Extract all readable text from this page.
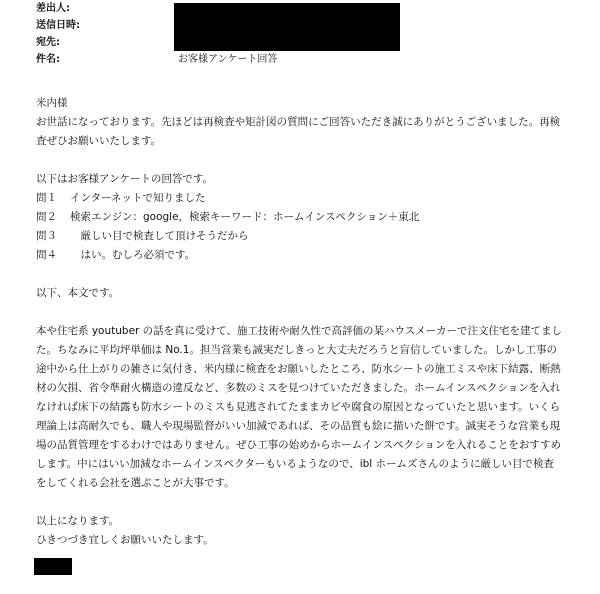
差出人:
送信日時:
宛先:
件名:	お客様アンケート回答
米内様
お世話になっております。先ほどは再検査や矩計図の質問にご回答いただき誠にありがとうございました。再検査ぜひお願いいたします。
以下はお客様アンケートの回答です。
問１	インターネットで知りました
問２	検索エンジン：google，検索キーワード：ホームインスペクション＋東北
問３	　厳しい目で検査して頂けそうだから
問４	　はい。むしろ必須です。
以下、本文です。
本や住宅系 youtuber の話を真に受けて、施工技術や耐久性で高評価の某ハウスメーカーで注文住宅を建てました。ちなみに平均坪単価は No.1。担当営業も誠実だしきっと大丈夫だろうと盲信していました。しかし工事の途中から仕上がりの雑さに気付き、米内様に検査をお願いしたところ、防水シートの施工ミスや床下結露、断熱材の欠損、省令準耐火構造の違反など、多数のミスを見つけていただきました。ホームインスペクションを入れなければ床下の結露も防水シートのミスも見逃されてたままカビや腐食の原因となっていたと思います。いくら理論上は高耐久でも、職人や現場監督がいい加減であれば、その品質も絵に描いた餅です。誠実そうな営業も現場の品質管理をするわけではありません。ぜひ工事の始めからホームインスペクションを入れることをおすすめします。中にはいい加減なホームインスペクターもいるようなので、ibl ホームズさんのように厳しい目で検査をしてくれる会社を選ぶことが大事です。
以上になります。
ひきつづき宜しくお願いいたします。
